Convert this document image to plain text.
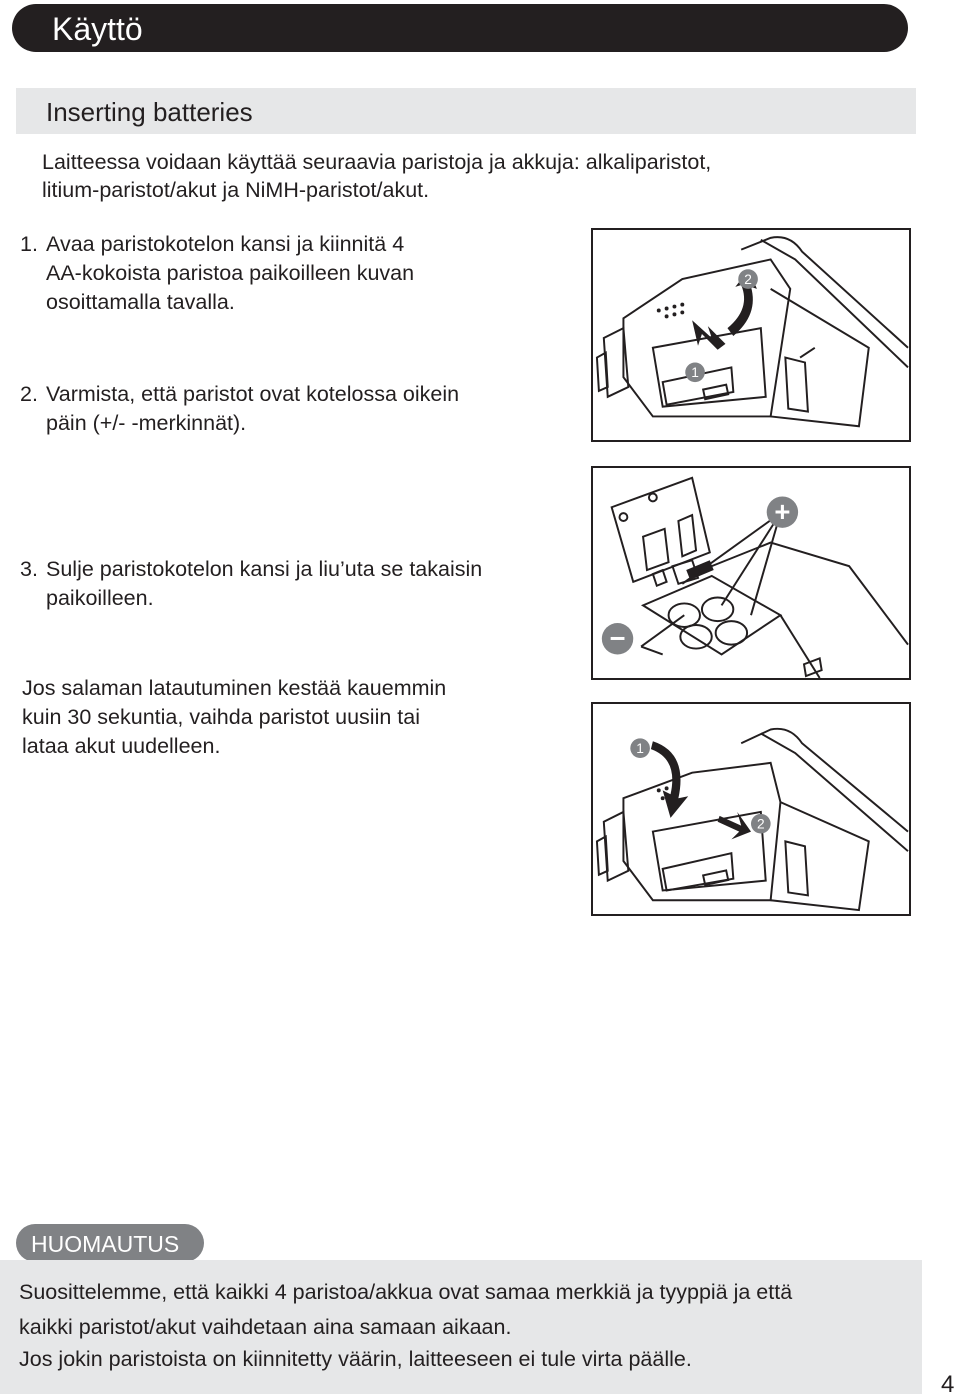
Käyttö
Inserting batteries
Laitteessa voidaan käyttää seuraavia paristoja ja akkuja: alkaliparistot,
litium-paristot/akut ja NiMH-paristot/akut.
1. Avaa paristokotelon kansi ja kiinnitä 4
AA-kokoista paristoa paikoilleen kuvan
osoittamalla tavalla.
2. Varmista, että paristot ovat kotelossa oikein
päin (+/- -merkinnät).
3. Sulje paristokotelon kansi ja liu’uta se takaisin
paikoilleen.
Jos salaman latautuminen kestää kauemmin
kuin 30 sekuntia, vaihda paristot uusiin tai
lataa akut uudelleen.
1
2
+
−
1
2
HUOMAUTUS
Suosittelemme, että kaikki 4 paristoa/akkua ovat samaa merkkiä ja tyyppiä ja että
kaikki paristot/akut vaihdetaan aina samaan aikaan.
Jos jokin paristoista on kiinnitetty väärin, laitteeseen ei tule virta päälle.
4
